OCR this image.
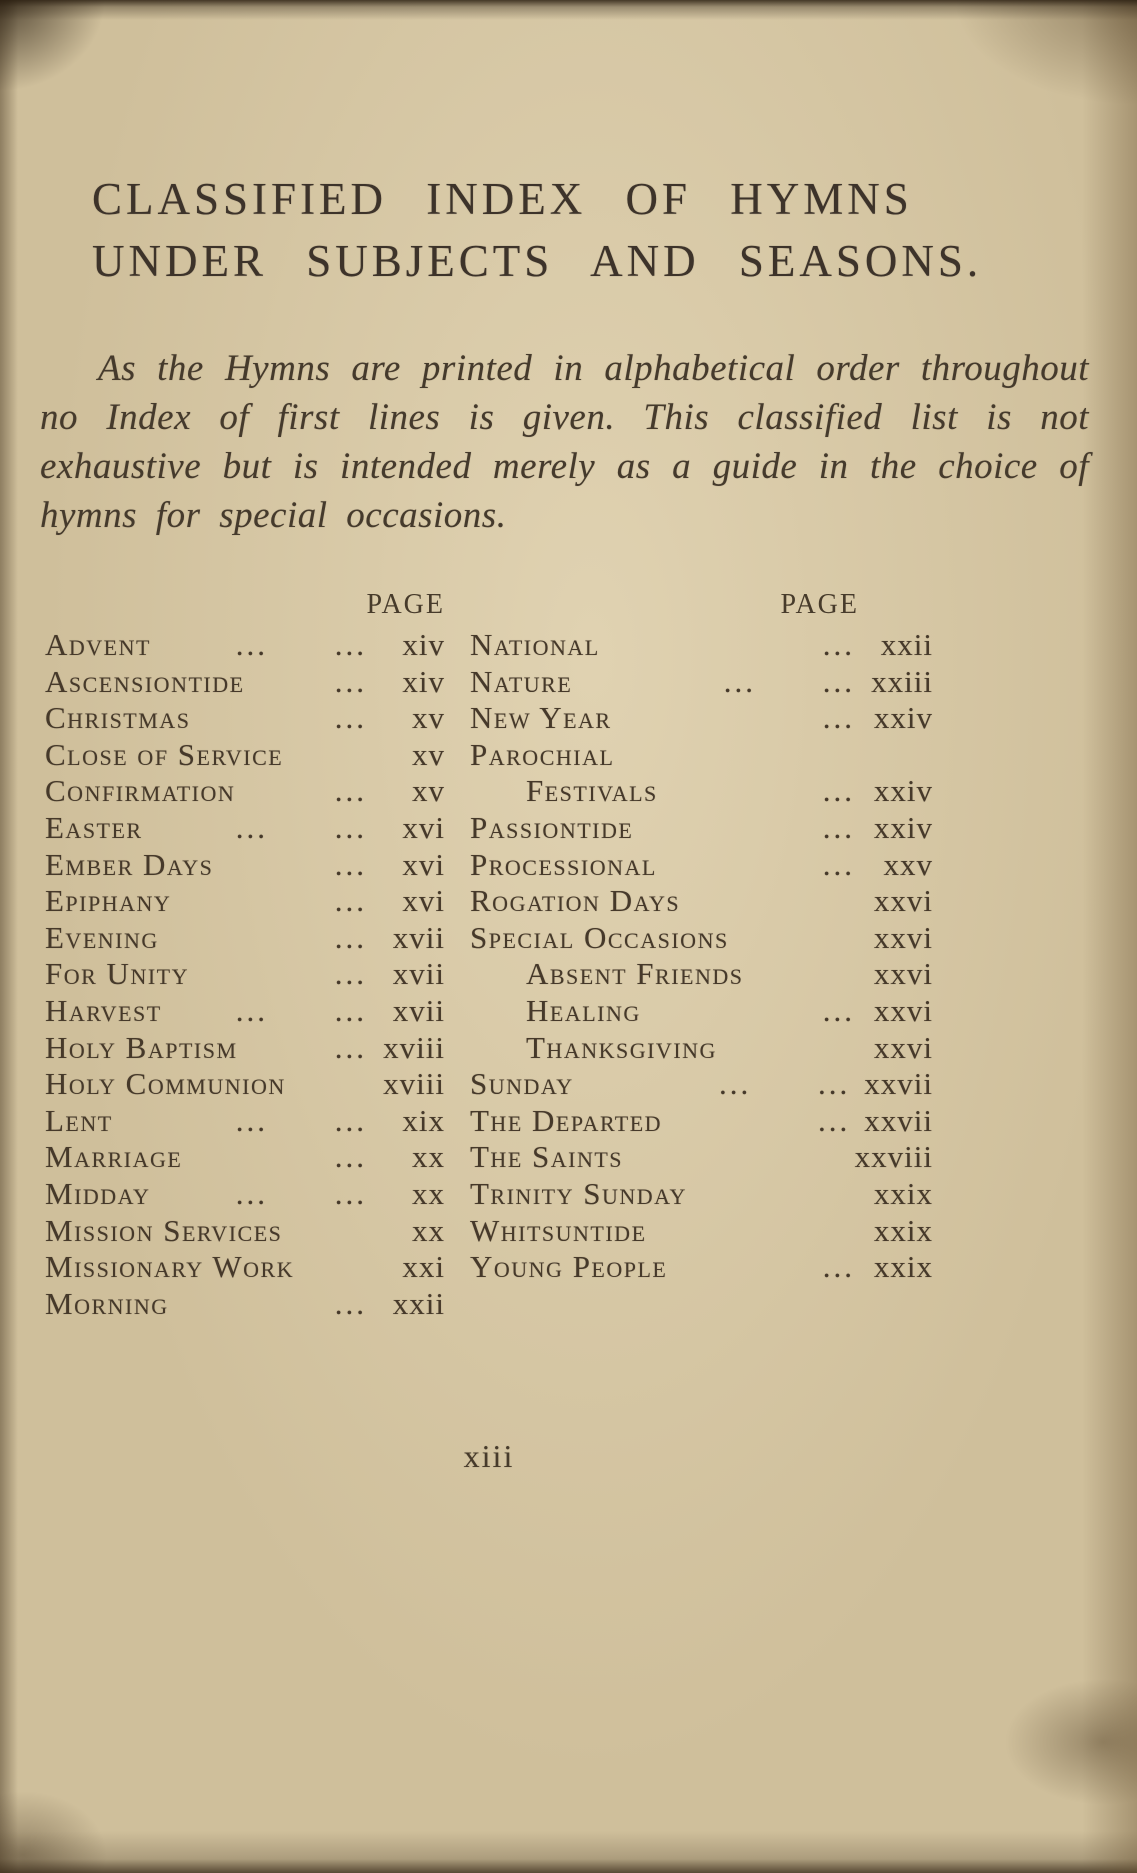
CLASSIFIED INDEX OF HYMNS
UNDER SUBJECTS AND SEASONS.

As the Hymns are printed in alphabetical order throughout no Index of first lines is given. This classified list is not exhaustive but is intended merely as a guide in the choice of hymns for special occasions.

PAGE
Advent	... ...	xiv
Ascensiontide	...	xiv
Christmas	...	xv
Close of Service	xv
Confirmation	...	xv
Easter	... ...	xvi
Ember Days	...	xvi
Epiphany	...	xvi
Evening	... xvii
For Unity	... xvii
Harvest	... ... xvii
Holy Baptism	... xviii
Holy Communion	xviii
Lent	... ...	xix
Marriage	...	xx
Midday	... ...	xx
Mission Services	xx
Missionary Work	xxi
Morning	... xxii
PAGE
National	... xxii
Nature	... ... xxiii
New Year	... xxiv
Parochial
Festivals	... xxiv
Passiontide	... xxiv
Processional	... xxv
Rogation Days	xxvi
Special Occasions	xxvi
Absent Friends	xxvi
Healing	... xxvi
Thanksgiving	xxvi
Sunday	... ... xxvii
The Departed	... xxvii
The Saints	xxviii
Trinity Sunday	xxix
Whitsuntide	xxix
Young People	... xxix
xiii
